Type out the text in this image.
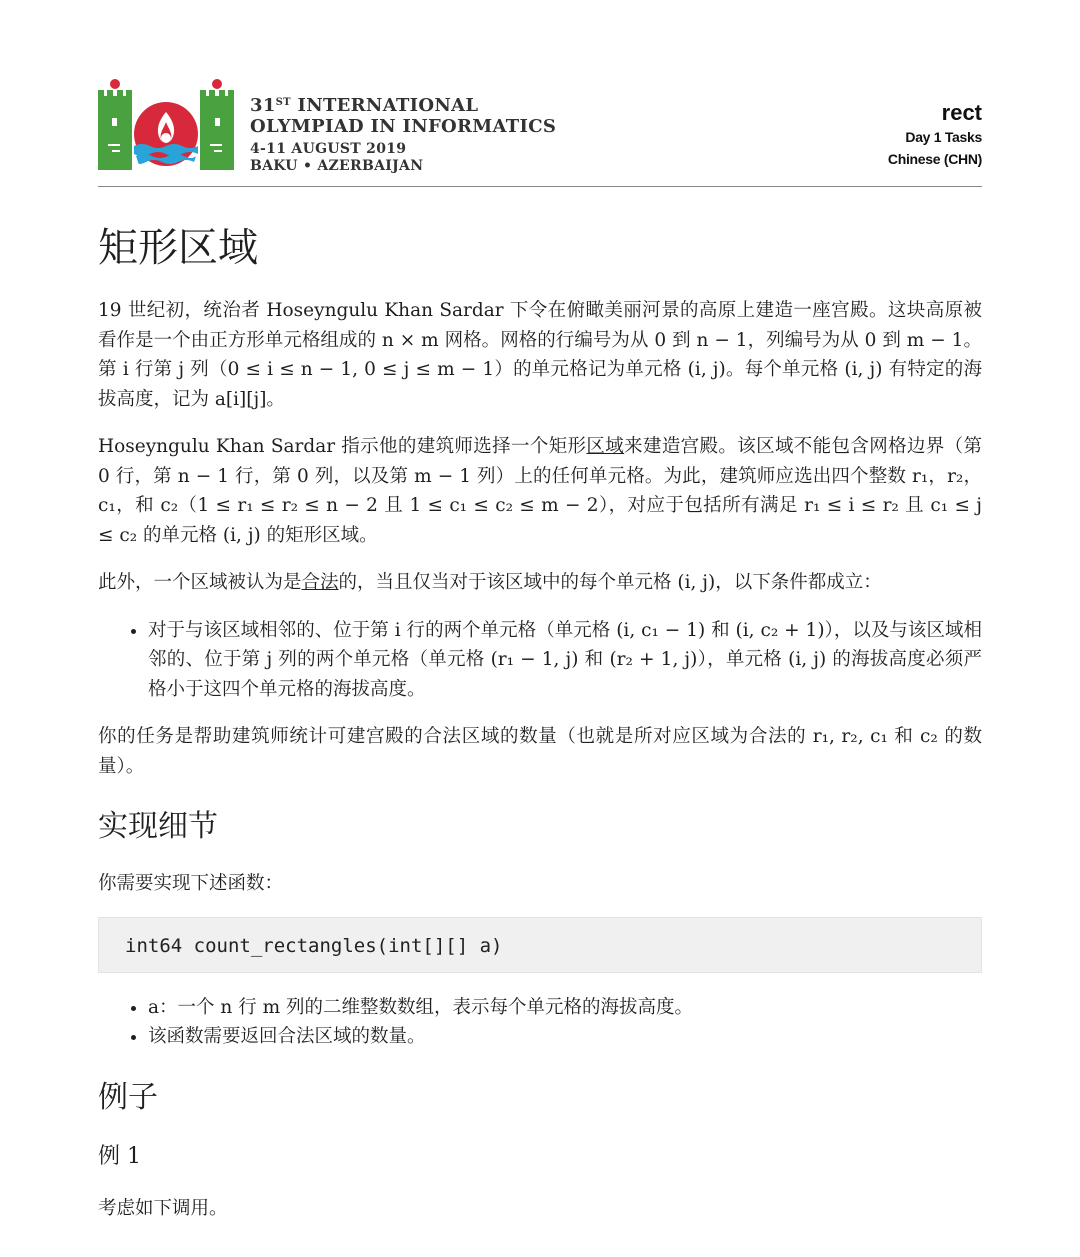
31ST INTERNATIONAL
OLYMPIAD IN INFORMATICS
4-11 AUGUST 2019
BAKU • AZERBAIJAN
rect
Day 1 Tasks
Chinese (CHN)
矩形区域

19 世纪初，统治者 Hoseyngulu Khan Sardar 下令在俯瞰美丽河景的高原上建造一座宫殿。这块高原被看作是一个由正方形单元格组成的 n × m 网格。网格的行编号为从 0 到 n − 1，列编号为从 0 到 m − 1。第 i 行第 j 列（0 ≤ i ≤ n − 1, 0 ≤ j ≤ m − 1）的单元格记为单元格 (i, j)。每个单元格 (i, j) 有特定的海拔高度，记为 a[i][j]。

Hoseyngulu Khan Sardar 指示他的建筑师选择一个矩形区域来建造宫殿。该区域不能包含网格边界（第 0 行，第 n − 1 行，第 0 列，以及第 m − 1 列）上的任何单元格。为此，建筑师应选出四个整数 r₁，r₂，c₁，和 c₂（1 ≤ r₁ ≤ r₂ ≤ n − 2 且 1 ≤ c₁ ≤ c₂ ≤ m − 2），对应于包括所有满足 r₁ ≤ i ≤ r₂ 且 c₁ ≤ j ≤ c₂ 的单元格 (i, j) 的矩形区域。

此外，一个区域被认为是合法的，当且仅当对于该区域中的每个单元格 (i, j)，以下条件都成立：

• 对于与该区域相邻的、位于第 i 行的两个单元格（单元格 (i, c₁ − 1) 和 (i, c₂ + 1)），以及与该区域相邻的、位于第 j 列的两个单元格（单元格 (r₁ − 1, j) 和 (r₂ + 1, j)），单元格 (i, j) 的海拔高度必须严格小于这四个单元格的海拔高度。

你的任务是帮助建筑师统计可建宫殿的合法区域的数量（也就是所对应区域为合法的 r₁, r₂, c₁ 和 c₂ 的数量）。

实现细节

你需要实现下述函数：

int64 count_rectangles(int[][] a)
• a：一个 n 行 m 列的二维整数数组，表示每个单元格的海拔高度。
• 该函数需要返回合法区域的数量。
例子
例 1

考虑如下调用。
